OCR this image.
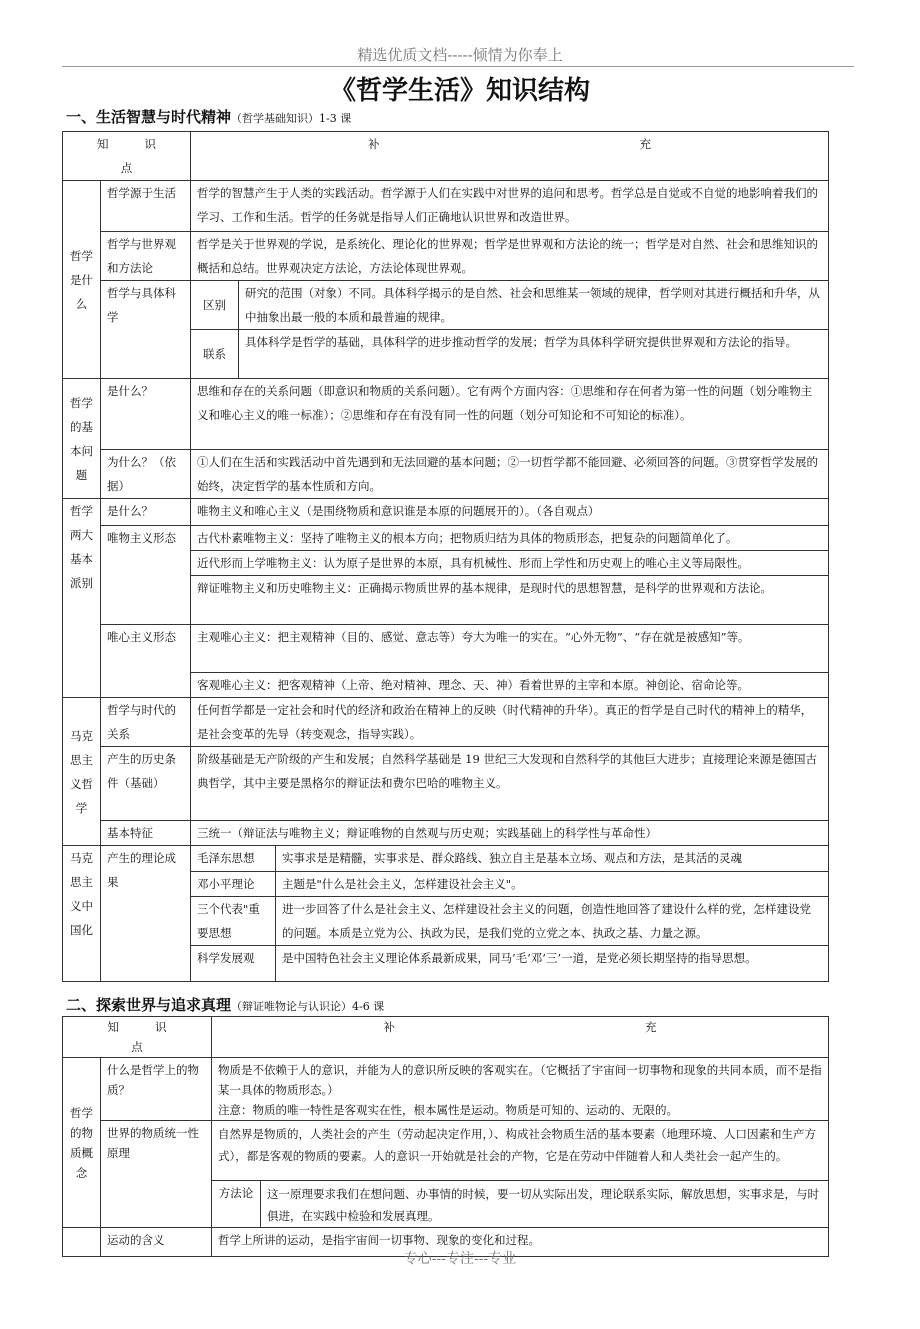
精选优质文档-----倾情为你奉上
《哲学生活》知识结构
一、生活智慧与时代精神（哲学基础知识）1-3 课
知 识点		补 充		
哲学是什么	哲学源于生活	哲学的智慧产生于人类的实践活动。哲学源于人们在实践中对世界的追问和思考。哲学总是自觉或不自觉的地影响着我们的学习、工作和生活。哲学的任务就是指导人们正确地认识世界和改造世界。		
	哲学与世界观和方法论	哲学是关于世界观的学说，是系统化、理论化的世界观；哲学是世界观和方法论的统一；哲学是对自然、社会和思维知识的概括和总结。世界观决定方法论，方法论体现世界观。		
	哲学与具体科学	区别	研究的范围（对象）不同。具体科学揭示的是自然、社会和思维某一领域的规律，哲学则对其进行概括和升华，从中抽象出最一般的本质和最普遍的规律。	
		联系	具体科学是哲学的基础，具体科学的进步推动哲学的发展；哲学为具体科学研究提供世界观和方法论的指导。	
哲学的基本问题	是什么？	思维和存在的关系问题（即意识和物质的关系问题）。它有两个方面内容：①思维和存在何者为第一性的问题（划分唯物主义和唯心主义的唯一标准）；②思维和存在有没有同一性的问题（划分可知论和不可知论的标准）。		
	为什么？（依据）	①人们在生活和实践活动中首先遇到和无法回避的基本问题；②一切哲学都不能回避、必须回答的问题。③贯穿哲学发展的始终，决定哲学的基本性质和方向。		
哲学两大基本派别	是什么？	唯物主义和唯心主义（是围绕物质和意识谁是本原的问题展开的）。（各自观点）		
	唯物主义形态	古代朴素唯物主义：坚持了唯物主义的根本方向；把物质归结为具体的物质形态，把复杂的问题简单化了。		
		近代形而上学唯物主义：认为原子是世界的本原，具有机械性、形而上学性和历史观上的唯心主义等局限性。		
		辩证唯物主义和历史唯物主义：正确揭示物质世界的基本规律，是现时代的思想智慧，是科学的世界观和方法论。		
	唯心主义形态	主观唯心主义：把主观精神（目的、感觉、意志等）夸大为唯一的实在。“心外无物”、“存在就是被感知”等。		
		客观唯心主义：把客观精神（上帝、绝对精神、理念、天、神）看着世界的主宰和本原。神创论、宿命论等。		

马克思主义哲学	哲学与时代的关系	任何哲学都是一定社会和时代的经济和政治在精神上的反映（时代精神的升华）。真正的哲学是自己时代的精神上的精华，是社会变革的先导（转变观念，指导实践）。		
	产生的历史条件（基础）	阶级基础是无产阶级的产生和发展；自然科学基础是 19 世纪三大发现和自然科学的其他巨大进步；直接理论来源是德国古典哲学，其中主要是黑格尔的辩证法和费尔巴哈的唯物主义。		
	基本特征	三统一（辩证法与唯物主义；辩证唯物的自然观与历史观；实践基础上的科学性与革命性）		
马克思主义中国化	产生的理论成果	毛泽东思想		实事求是是精髓，实事求是、群众路线、独立自主是基本立场、观点和方法，是其活的灵魂
		邓小平理论		主题是"什么是社会主义，怎样建设社会主义"。
		三个代表"重要思想		进一步回答了什么是社会主义、怎样建设社会主义的问题，创造性地回答了建设什么样的党，怎样建设党的问题。本质是立党为公、执政为民，是我们党的立党之本、执政之基、力量之源。
		科学发展观		是中国特色社会主义理论体系最新成果，同马’毛’邓’三’一道，是党必须长期坚持的指导思想。
二、探索世界与追求真理（辩证唯物论与认识论）4-6 课
知 识点		补 充	
哲学的物质概念	什么是哲学上的物质？	物质是不依赖于人的意识，并能为人的意识所反映的客观实在。（它概括了宇宙间一切事物和现象的共同本质，而不是指某一具体的物质形态。）
注意：物质的唯一特性是客观实在性，根本属性是运动。物质是可知的、运动的、无限的。	

	世界的物质统一性原理	自然界是物质的，人类社会的产生（劳动起决定作用，）、构成社会物质生活的基本要素（地理环境、人口因素和生产方式），都是客观的物质的要素。人的意识一开始就是社会的产物，它是在劳动中伴随着人和人类社会一起产生的。	
		方法论	这一原理要求我们在想问题、办事情的时候，要一切从实际出发，理论联系实际，解放思想，实事求是，与时俱进，在实践中检验和发展真理。
	运动的含义	哲学上所讲的运动，是指宇宙间一切事物、现象的变化和过程。	
专心---专注---专业
